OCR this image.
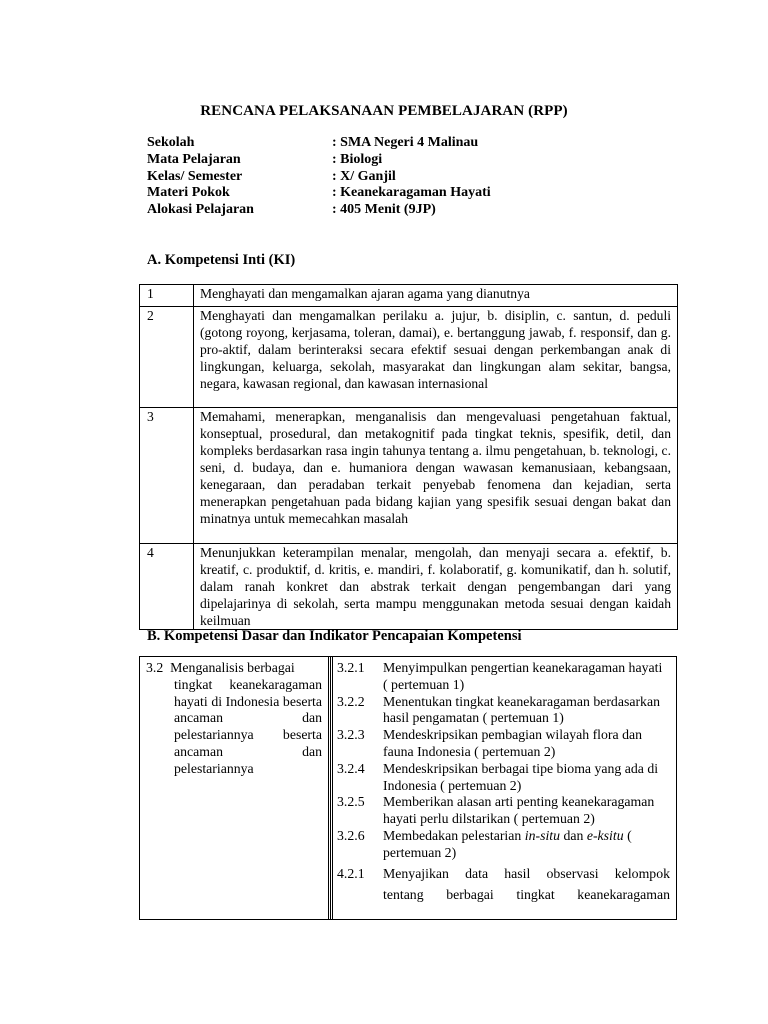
RENCANA PELAKSANAAN PEMBELAJARAN (RPP)
Sekolah	: SMA Negeri 4 Malinau
Mata Pelajaran	: Biologi
Kelas/ Semester	: X/ Ganjil
Materi Pokok	: Keanekaragaman Hayati
Alokasi Pelajaran	: 405 Menit (9JP)
A. Kompetensi Inti (KI)
1	Menghayati dan mengamalkan ajaran agama yang dianutnya
2	Menghayati dan mengamalkan perilaku a. jujur, b. disiplin, c. santun, d. peduli (gotong royong, kerjasama, toleran, damai), e. bertanggung jawab, f. responsif, dan g. pro-aktif, dalam berinteraksi secara efektif sesuai dengan perkembangan anak di lingkungan, keluarga, sekolah, masyarakat dan lingkungan alam sekitar, bangsa, negara, kawasan regional, dan kawasan internasional
3	Memahami, menerapkan, menganalisis dan mengevaluasi pengetahuan faktual, konseptual, prosedural, dan metakognitif pada tingkat teknis, spesifik, detil, dan kompleks berdasarkan rasa ingin tahunya tentang a. ilmu pengetahuan, b. teknologi, c. seni, d. budaya, dan e. humaniora dengan wawasan kemanusiaan, kebangsaan, kenegaraan, dan peradaban terkait penyebab fenomena dan kejadian, serta menerapkan pengetahuan pada bidang kajian yang spesifik sesuai dengan bakat dan minatnya untuk memecahkan masalah
4	Menunjukkan keterampilan menalar, mengolah, dan menyaji secara a. efektif, b. kreatif, c. produktif, d. kritis, e. mandiri, f. kolaboratif, g. komunikatif, dan h. solutif, dalam ranah konkret dan abstrak terkait dengan pengembangan dari yang dipelajarinya di sekolah, serta mampu menggunakan metoda sesuai dengan kaidah keilmuan
B. Kompetensi Dasar dan Indikator Pencapaian Kompetensi
3.2 Menganalisis berbagai
tingkat keanekaragaman hayati di Indonesia beserta ancaman dan pelestariannya beserta ancaman dan pelestariannya
3.2.1	Menyimpulkan pengertian keanekaragaman hayati ( pertemuan 1)
3.2.2	Menentukan tingkat keanekaragaman berdasarkan hasil pengamatan ( pertemuan 1)
3.2.3	Mendeskripsikan pembagian wilayah flora dan fauna Indonesia ( pertemuan 2)
3.2.4	Mendeskripsikan berbagai tipe bioma yang ada di Indonesia ( pertemuan 2)
3.2.5	Memberikan alasan arti penting keanekaragaman hayati perlu dilstarikan ( pertemuan 2)
3.2.6	Membedakan pelestarian in-situ dan e-ksitu ( pertemuan 2)
4.2.1	Menyajikan data hasil observasi kelompok
tentang berbagai tingkat keanekaragaman
